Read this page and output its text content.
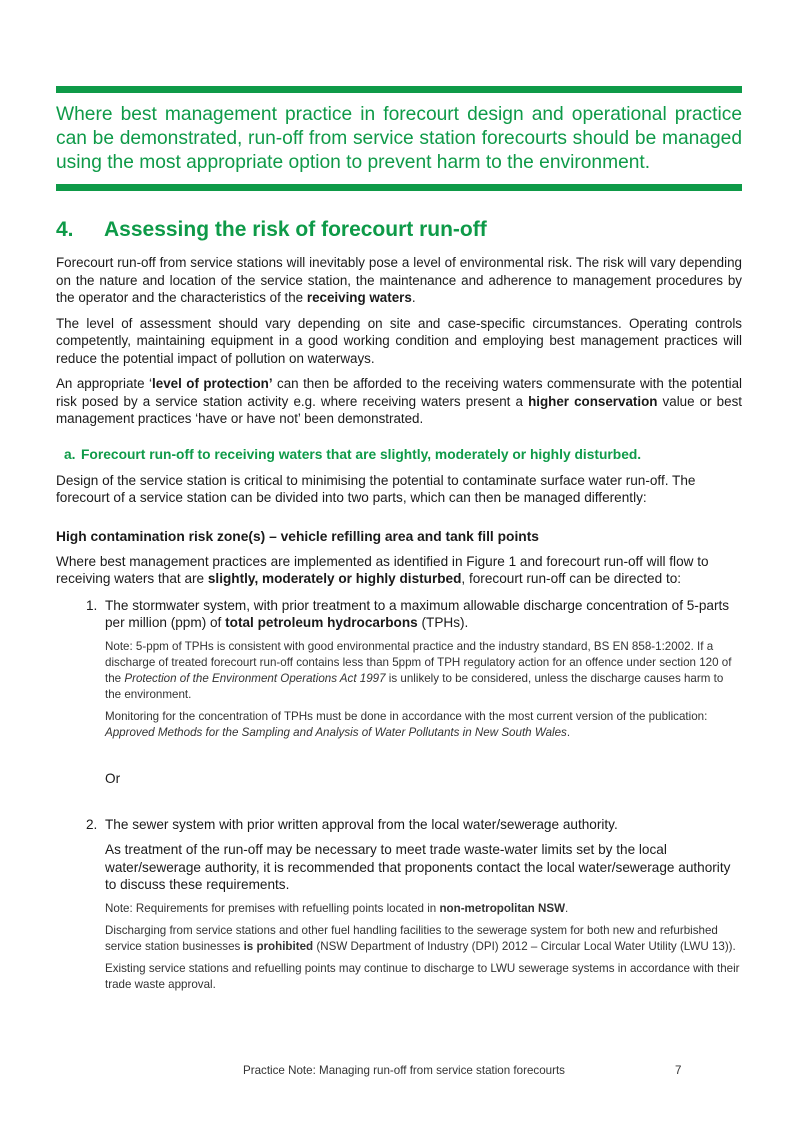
Where best management practice in forecourt design and operational practice can be demonstrated, run-off from service station forecourts should be managed using the most appropriate option to prevent harm to the environment.

4.	Assessing the risk of forecourt run-off

Forecourt run-off from service stations will inevitably pose a level of environmental risk. The risk will vary depending on the nature and location of the service station, the maintenance and adherence to management procedures by the operator and the characteristics of the receiving waters.

The level of assessment should vary depending on site and case-specific circumstances. Operating controls competently, maintaining equipment in a good working condition and employing best management practices will reduce the potential impact of pollution on waterways.

An appropriate ‘level of protection’ can then be afforded to the receiving waters commensurate with the potential risk posed by a service station activity e.g. where receiving waters present a higher conservation value or best management practices ‘have or have not’ been demonstrated.

a. Forecourt run-off to receiving waters that are slightly, moderately or highly disturbed.

Design of the service station is critical to minimising the potential to contaminate surface water run-off. The forecourt of a service station can be divided into two parts, which can then be managed differently:

High contamination risk zone(s) – vehicle refilling area and tank fill points

Where best management practices are implemented as identified in Figure 1 and forecourt run-off will flow to receiving waters that are slightly, moderately or highly disturbed, forecourt run-off can be directed to:

1. The stormwater system, with prior treatment to a maximum allowable discharge concentration of 5-parts per million (ppm) of total petroleum hydrocarbons (TPHs).

Note: 5-ppm of TPHs is consistent with good environmental practice and the industry standard, BS EN 858-1:2002. If a discharge of treated forecourt run-off contains less than 5ppm of TPH regulatory action for an offence under section 120 of the Protection of the Environment Operations Act 1997 is unlikely to be considered, unless the discharge causes harm to the environment.

Monitoring for the concentration of TPHs must be done in accordance with the most current version of the publication: Approved Methods for the Sampling and Analysis of Water Pollutants in New South Wales.

Or

2. The sewer system with prior written approval from the local water/sewerage authority.

As treatment of the run-off may be necessary to meet trade waste-water limits set by the local water/sewerage authority, it is recommended that proponents contact the local water/sewerage authority to discuss these requirements.

Note: Requirements for premises with refuelling points located in non-metropolitan NSW.

Discharging from service stations and other fuel handling facilities to the sewerage system for both new and refurbished service station businesses is prohibited (NSW Department of Industry (DPI) 2012 – Circular Local Water Utility (LWU 13)).

Existing service stations and refuelling points may continue to discharge to LWU sewerage systems in accordance with their trade waste approval.

Practice Note: Managing run-off from service station forecourts	7
